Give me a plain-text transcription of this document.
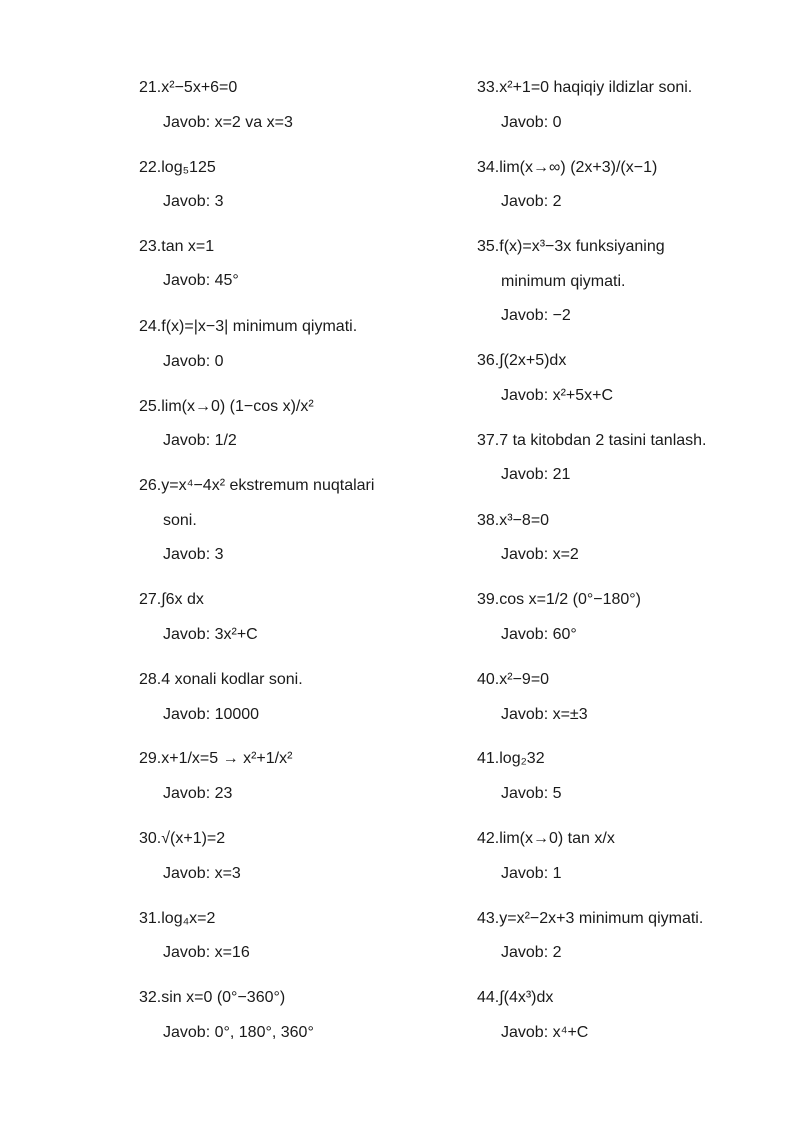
21.x²−5x+6=0
Javob: x=2 va x=3
22.log₅125
Javob: 3
23.tan x=1
Javob: 45°
24.f(x)=|x−3| minimum qiymati.
Javob: 0
25.lim(x→0) (1−cos x)/x²
Javob: 1/2
26.y=x⁴−4x² ekstremum nuqtalari
soni.
Javob: 3
27.∫6x dx
Javob: 3x²+C
28.4 xonali kodlar soni.
Javob: 10000
29.x+1/x=5 → x²+1/x²
Javob: 23
30.√(x+1)=2
Javob: x=3
31.log₄x=2
Javob: x=16
32.sin x=0 (0°−360°)
Javob: 0°, 180°, 360°
33.x²+1=0 haqiqiy ildizlar soni.
Javob: 0
34.lim(x→∞) (2x+3)/(x−1)
Javob: 2
35.f(x)=x³−3x funksiyaning
minimum qiymati.
Javob: −2
36.∫(2x+5)dx
Javob: x²+5x+C
37.7 ta kitobdan 2 tasini tanlash.
Javob: 21
38.x³−8=0
Javob: x=2
39.cos x=1/2 (0°−180°)
Javob: 60°
40.x²−9=0
Javob: x=±3
41.log₂32
Javob: 5
42.lim(x→0) tan x/x
Javob: 1
43.y=x²−2x+3 minimum qiymati.
Javob: 2
44.∫(4x³)dx
Javob: x⁴+C
